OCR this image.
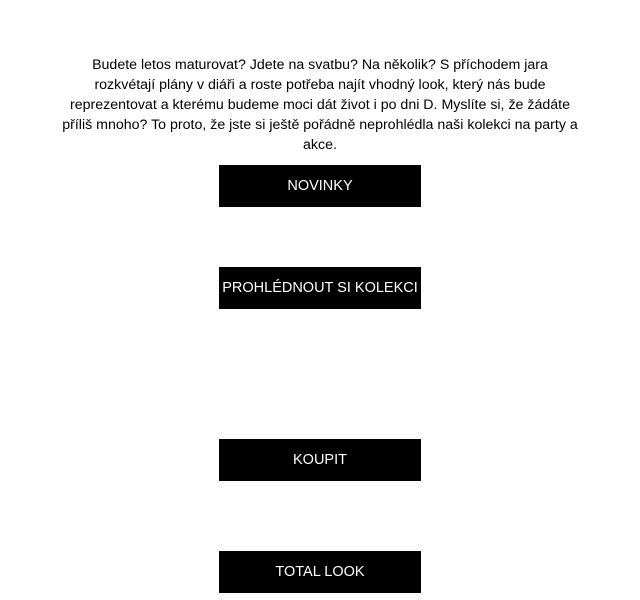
Budete letos maturovat? Jdete na svatbu? Na několik? S příchodem jara rozkvétají plány v diáři a roste potřeba najít vhodný look, který nás bude reprezentovat a kterému budeme moci dát život i po dni D. Myslíte si, že žádáte příliš mnoho? To proto, že jste si ještě pořádně neprohlédla naši kolekci na party a akce.

NOVINKY
PROHLÉDNOUT SI KOLEKCI
KOUPIT
TOTAL LOOK
